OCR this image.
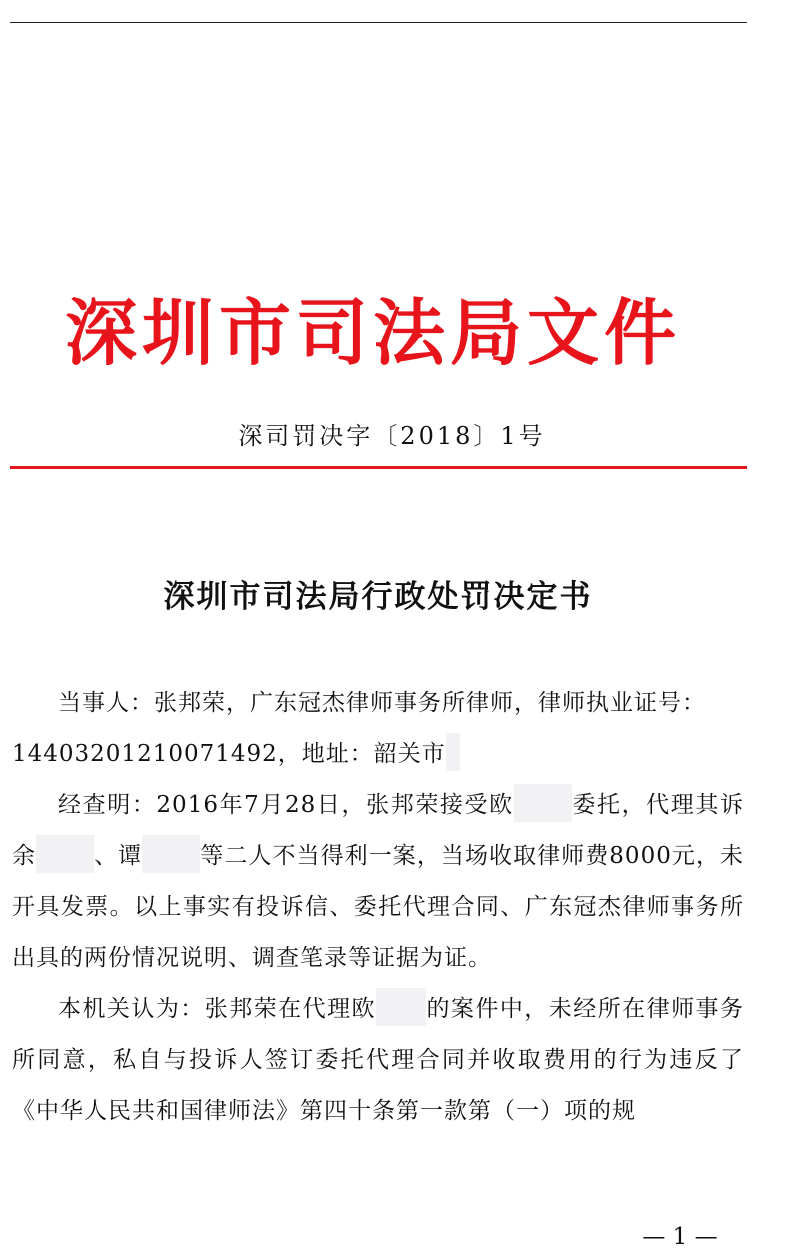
深圳市司法局文件
深司罚决字〔2018〕1号
深圳市司法局行政处罚决定书

当事人：张邦荣，广东冠杰律师事务所律师，律师执业证号：

14403201210071492，地址：韶关市

经查明：2016年7月28日，张邦荣接受欧	委托，代理其诉余	、谭	等二人不当得利一案，当场收取律师费8000元，未开具发票。以上事实有投诉信、委托代理合同、广东冠杰律师事务所出具的两份情况说明、调查笔录等证据为证。

本机关认为：张邦荣在代理欧 的案件中，未经所在律师事务所同意，私自与投诉人签订委托代理合同并收取费用的行为违反了《中华人民共和国律师法》第四十条第一款第（一）项的规

— 1 —
